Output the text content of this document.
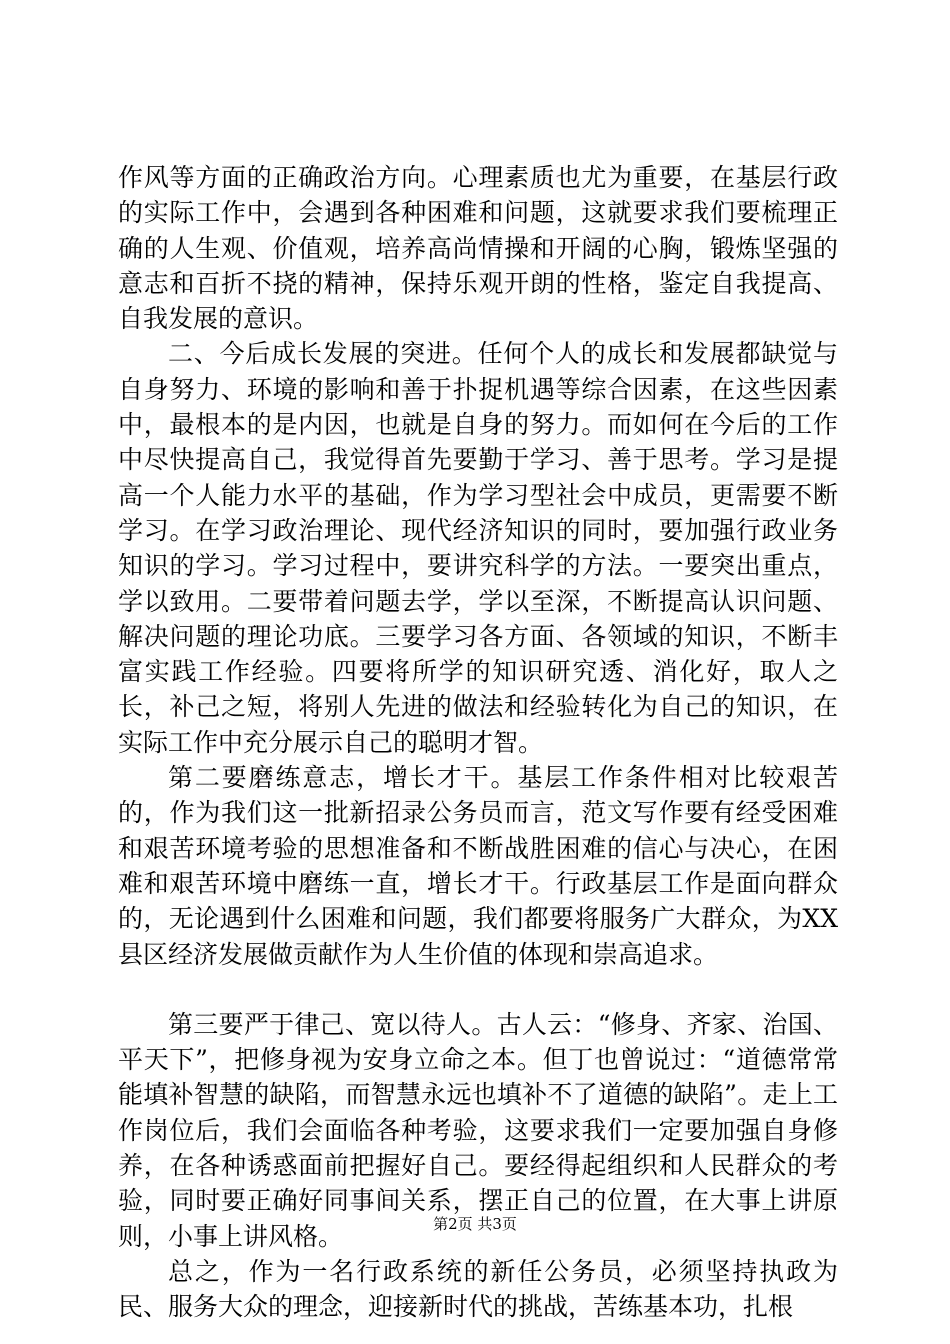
作风等方面的正确政治方向。心理素质也尤为重要，在基层行政的实际工作中，会遇到各种困难和问题，这就要求我们要梳理正确的人生观、价值观，培养高尚情操和开阔的心胸，锻炼坚强的意志和百折不挠的精神，保持乐观开朗的性格，鉴定自我提高、自我发展的意识。

二、今后成长发展的突进。任何个人的成长和发展都缺觉与自身努力、环境的影响和善于扑捉机遇等综合因素，在这些因素中，最根本的是内因，也就是自身的努力。而如何在今后的工作中尽快提高自己，我觉得首先要勤于学习、善于思考。学习是提高一个人能力水平的基础，作为学习型社会中成员，更需要不断学习。在学习政治理论、现代经济知识的同时，要加强行政业务知识的学习。学习过程中，要讲究科学的方法。一要突出重点，学以致用。二要带着问题去学，学以至深，不断提高认识问题、解决问题的理论功底。三要学习各方面、各领域的知识，不断丰富实践工作经验。四要将所学的知识研究透、消化好，取人之长，补己之短，将别人先进的做法和经验转化为自己的知识，在实际工作中充分展示自己的聪明才智。

第二要磨练意志，增长才干。基层工作条件相对比较艰苦的，作为我们这一批新招录公务员而言，范文写作要有经受困难和艰苦环境考验的思想准备和不断战胜困难的信心与决心，在困难和艰苦环境中磨练一直，增长才干。行政基层工作是面向群众的，无论遇到什么困难和问题，我们都要将服务广大群众，为XX县区经济发展做贡献作为人生价值的体现和崇高追求。

第三要严于律己、宽以待人。古人云：“修身、齐家、治国、平天下”，把修身视为安身立命之本。但丁也曾说过：“道德常常能填补智慧的缺陷，而智慧永远也填补不了道德的缺陷”。走上工作岗位后，我们会面临各种考验，这要求我们一定要加强自身修养，在各种诱惑面前把握好自己。要经得起组织和人民群众的考验，同时要正确好同事间关系，摆正自己的位置，在大事上讲原则，小事上讲风格。

总之，作为一名行政系统的新任公务员，必须坚持执政为民、服务大众的理念，迎接新时代的挑战，苦练基本功，扎根

第2页 共3页
